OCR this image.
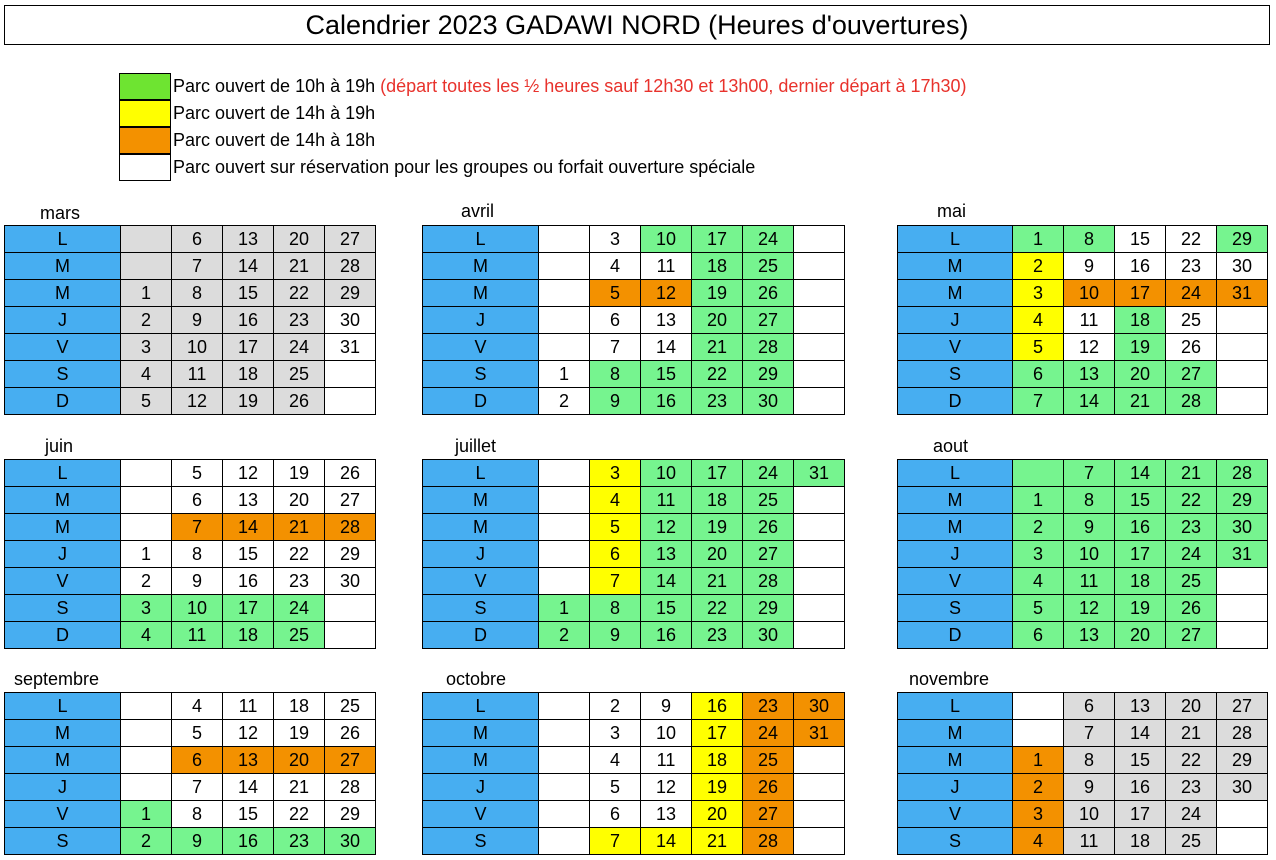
Calendrier 2023 GADAWI NORD (Heures d'ouvertures)
Parc ouvert de 10h à 19h (départ toutes les ½ heures sauf 12h30 et 13h00, dernier départ à 17h30)
Parc ouvert de 14h à 19h
Parc ouvert de 14h à 18h
Parc ouvert sur réservation pour les groupes ou forfait ouverture spéciale
mars
L		6	13	20	27
M		7	14	21	28
M	1	8	15	22	29
J	2	9	16	23	30
V	3	10	17	24	31
S	4	11	18	25	
D	5	12	19	26	
avril
L		3	10	17	24	
M		4	11	18	25	
M		5	12	19	26	
J		6	13	20	27	
V		7	14	21	28	
S	1	8	15	22	29	
D	2	9	16	23	30	
mai
L	1	8	15	22	29
M	2	9	16	23	30
M	3	10	17	24	31
J	4	11	18	25	
V	5	12	19	26	
S	6	13	20	27	
D	7	14	21	28	
juin
L		5	12	19	26
M		6	13	20	27
M		7	14	21	28
J	1	8	15	22	29
V	2	9	16	23	30
S	3	10	17	24	
D	4	11	18	25	
juillet
L		3	10	17	24	31
M		4	11	18	25	
M		5	12	19	26	
J		6	13	20	27	
V		7	14	21	28	
S	1	8	15	22	29	
D	2	9	16	23	30	
aout
L		7	14	21	28
M	1	8	15	22	29
M	2	9	16	23	30
J	3	10	17	24	31
V	4	11	18	25	
S	5	12	19	26	
D	6	13	20	27	
septembre
L		4	11	18	25
M		5	12	19	26
M		6	13	20	27
J		7	14	21	28
V	1	8	15	22	29
S	2	9	16	23	30
octobre
L		2	9	16	23	30
M		3	10	17	24	31
M		4	11	18	25	
J		5	12	19	26	
V		6	13	20	27	
S		7	14	21	28	
novembre
L		6	13	20	27
M		7	14	21	28
M	1	8	15	22	29
J	2	9	16	23	30
V	3	10	17	24	
S	4	11	18	25	
